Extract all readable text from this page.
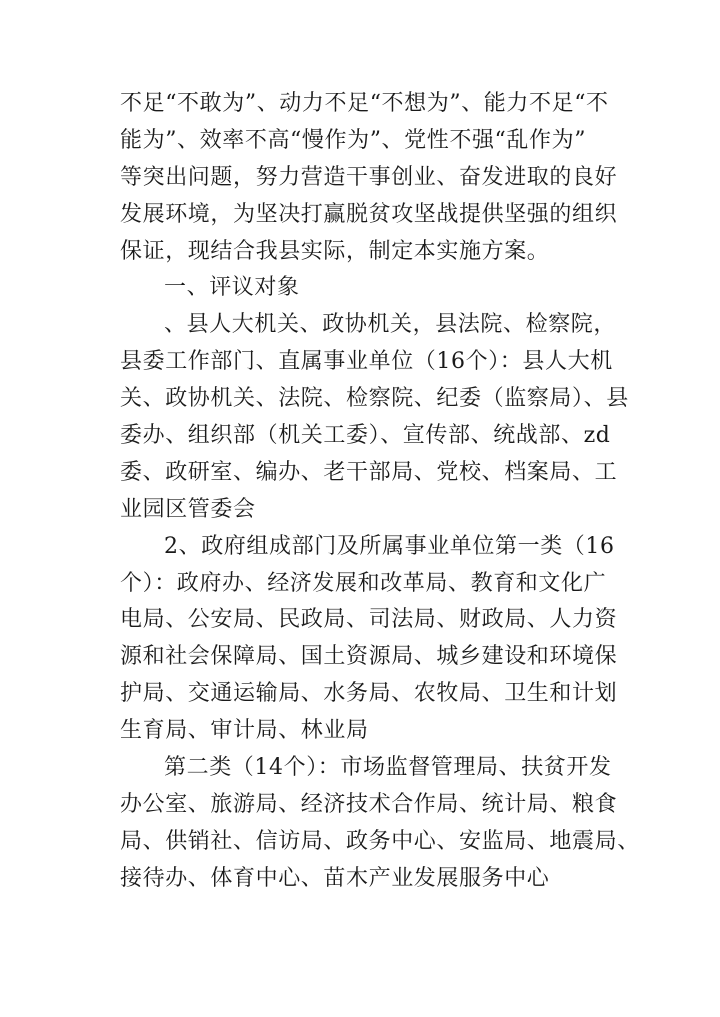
不足“不敢为”、动力不足“不想为”、能力不足“不
能为”、效率不高“慢作为”、党性不强“乱作为”
等突出问题，努力营造干事创业、奋发进取的良好
发展环境，为坚决打赢脱贫攻坚战提供坚强的组织
保证，现结合我县实际，制定本实施方案。
一、评议对象
、县人大机关、政协机关，县法院、检察院，
县委工作部门、直属事业单位（16个）：县人大机
关、政协机关、法院、检察院、纪委（监察局）、县
委办、组织部（机关工委）、宣传部、统战部、zd
委、政研室、编办、老干部局、党校、档案局、工
业园区管委会
2、政府组成部门及所属事业单位第一类（16
个）：政府办、经济发展和改革局、教育和文化广
电局、公安局、民政局、司法局、财政局、人力资
源和社会保障局、国土资源局、城乡建设和环境保
护局、交通运输局、水务局、农牧局、卫生和计划
生育局、审计局、林业局
第二类（14个）：市场监督管理局、扶贫开发
办公室、旅游局、经济技术合作局、统计局、粮食
局、供销社、信访局、政务中心、安监局、地震局、
接待办、体育中心、苗木产业发展服务中心
